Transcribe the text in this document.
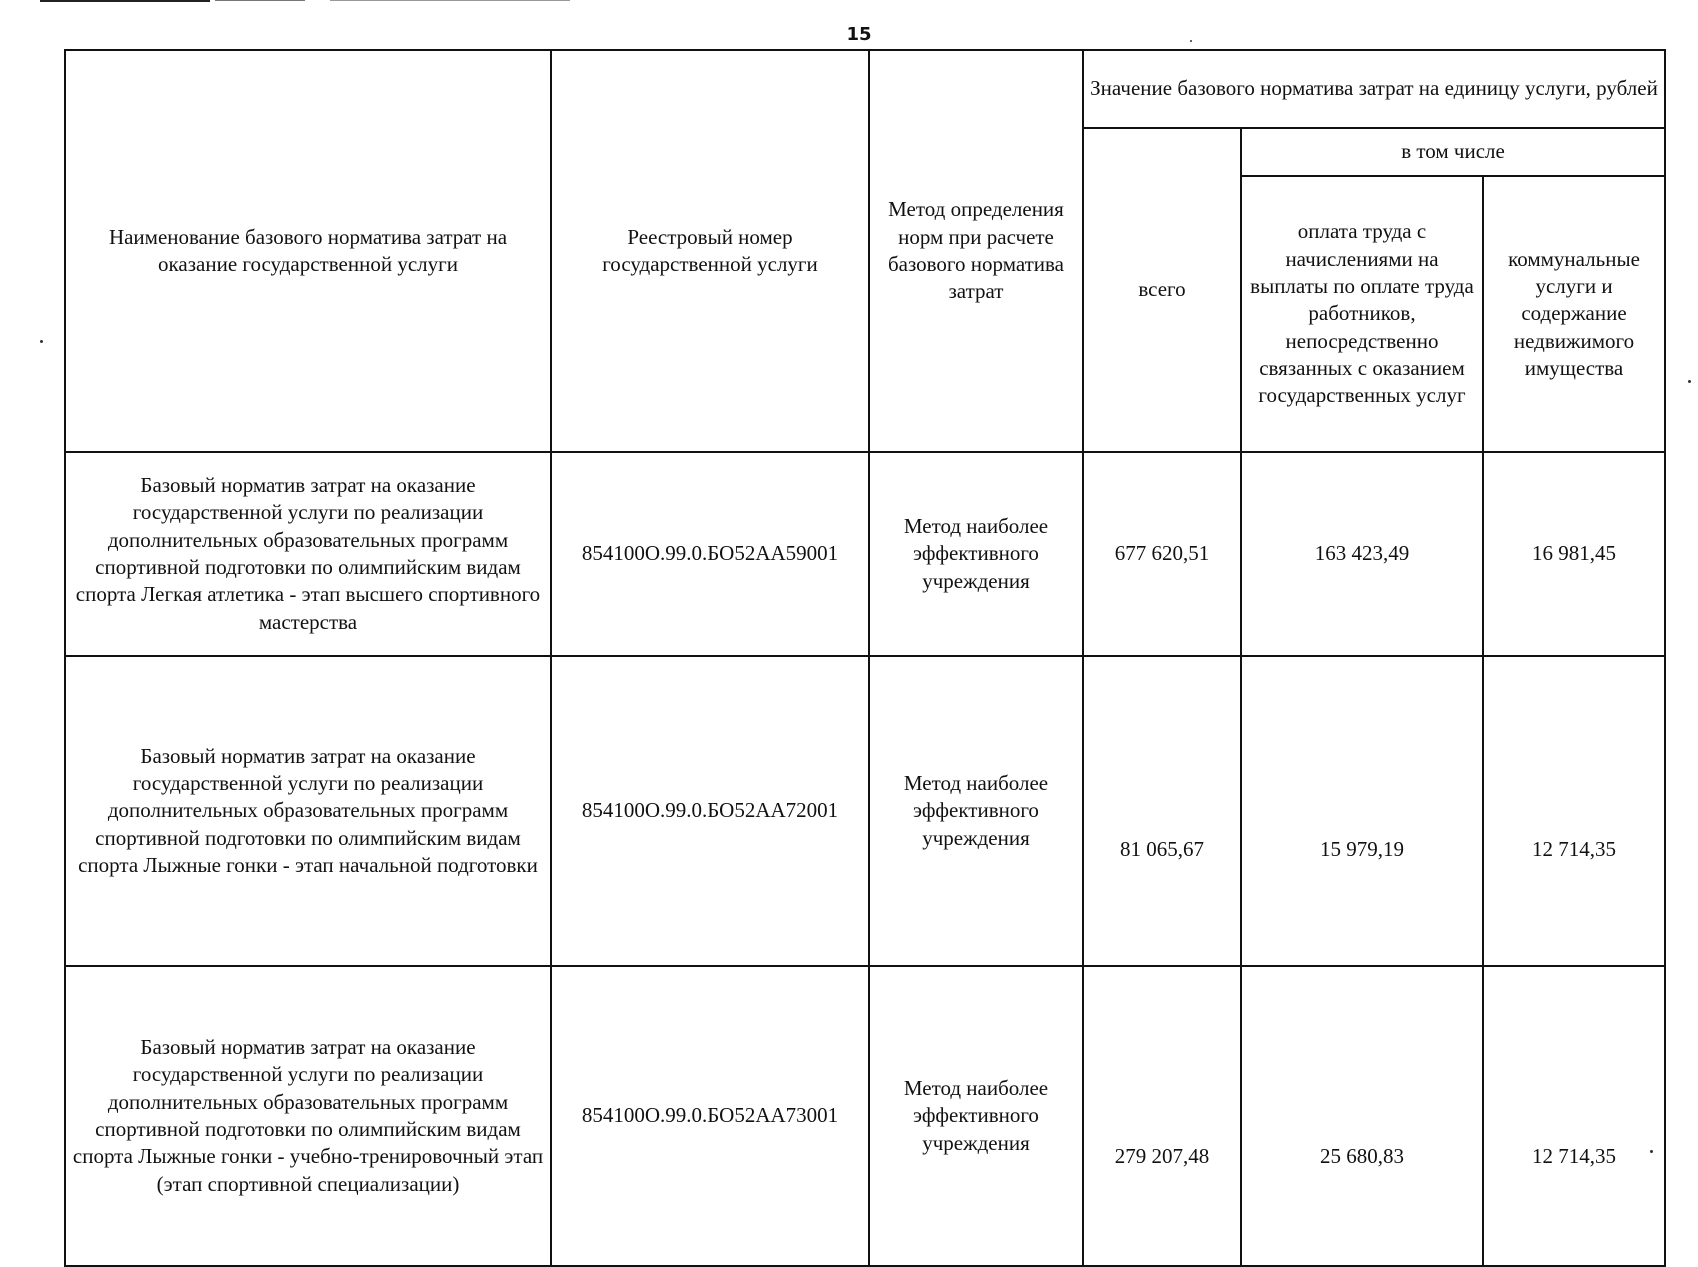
15
Наименование базового норматива затрат на оказание государственной услуги	Реестровый номер государственной услуги	Метод определения норм при расчете базового норматива затрат	Значение базового норматива затрат на единицу услуги, рублей		
			всего	в том числе	
				оплата труда с начислениями на выплаты по оплате труда работников, непосредственно связанных с оказанием государственных услуг	коммунальные услуги и содержание недвижимого имущества
Базовый норматив затрат на оказание государственной услуги по реализации дополнительных образовательных программ спортивной подготовки по олимпийским видам спорта Легкая атлетика - этап высшего спортивного мастерства	854100О.99.0.БО52АА59001	Метод наиболее эффективного учреждения	677 620,51	163 423,49	16 981,45
Базовый норматив затрат на оказание государственной услуги по реализации дополнительных образовательных программ спортивной подготовки по олимпийским видам спорта Лыжные гонки - этап начальной подготовки	854100О.99.0.БО52АА72001	Метод наиболее эффективного учреждения	81 065,67	15 979,19	12 714,35
Базовый норматив затрат на оказание государственной услуги по реализации дополнительных образовательных программ спортивной подготовки по олимпийским видам спорта Лыжные гонки - учебно-тренировочный этап (этап спортивной специализации)	854100О.99.0.БО52АА73001	Метод наиболее эффективного учреждения	279 207,48	25 680,83	12 714,35
